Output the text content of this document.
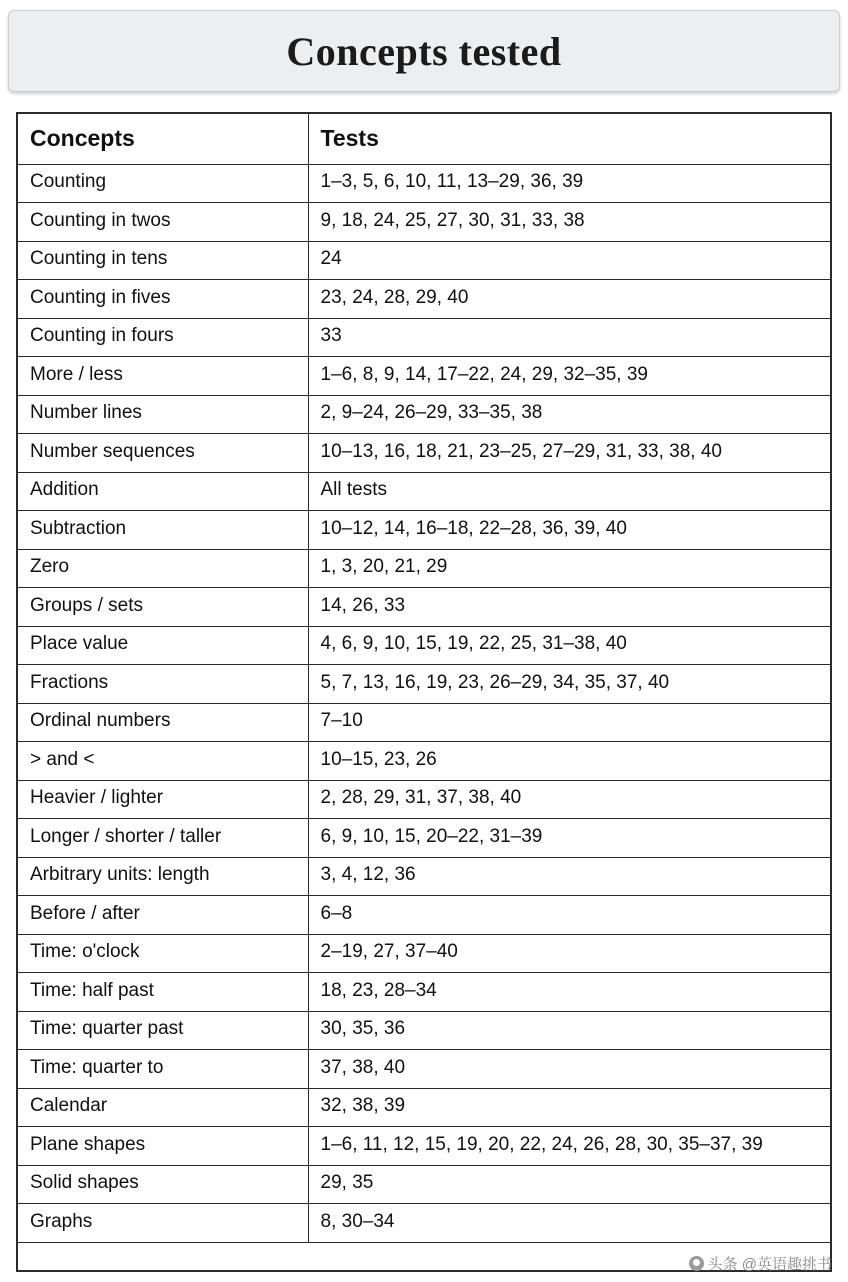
Concepts tested
Concepts	Tests
Counting	1–3, 5, 6, 10, 11, 13–29, 36, 39
Counting in twos	9, 18, 24, 25, 27, 30, 31, 33, 38
Counting in tens	24
Counting in fives	23, 24, 28, 29, 40
Counting in fours	33
More / less	1–6, 8, 9, 14, 17–22, 24, 29, 32–35, 39
Number lines	2, 9–24, 26–29, 33–35, 38
Number sequences	10–13, 16, 18, 21, 23–25, 27–29, 31, 33, 38, 40
Addition	All tests
Subtraction	10–12, 14, 16–18, 22–28, 36, 39, 40
Zero	1, 3, 20, 21, 29
Groups / sets	14, 26, 33
Place value	4, 6, 9, 10, 15, 19, 22, 25, 31–38, 40
Fractions	5, 7, 13, 16, 19, 23, 26–29, 34, 35, 37, 40
Ordinal numbers	7–10
> and <	10–15, 23, 26
Heavier / lighter	2, 28, 29, 31, 37, 38, 40
Longer / shorter / taller	6, 9, 10, 15, 20–22, 31–39
Arbitrary units: length	3, 4, 12, 36
Before / after	6–8
Time: o'clock	2–19, 27, 37–40
Time: half past	18, 23, 28–34
Time: quarter past	30, 35, 36
Time: quarter to	37, 38, 40
Calendar	32, 38, 39
Plane shapes	1–6, 11, 12, 15, 19, 20, 22, 24, 26, 28, 30, 35–37, 39
Solid shapes	29, 35
Graphs	8, 30–34
头条 @英语趣挑书
